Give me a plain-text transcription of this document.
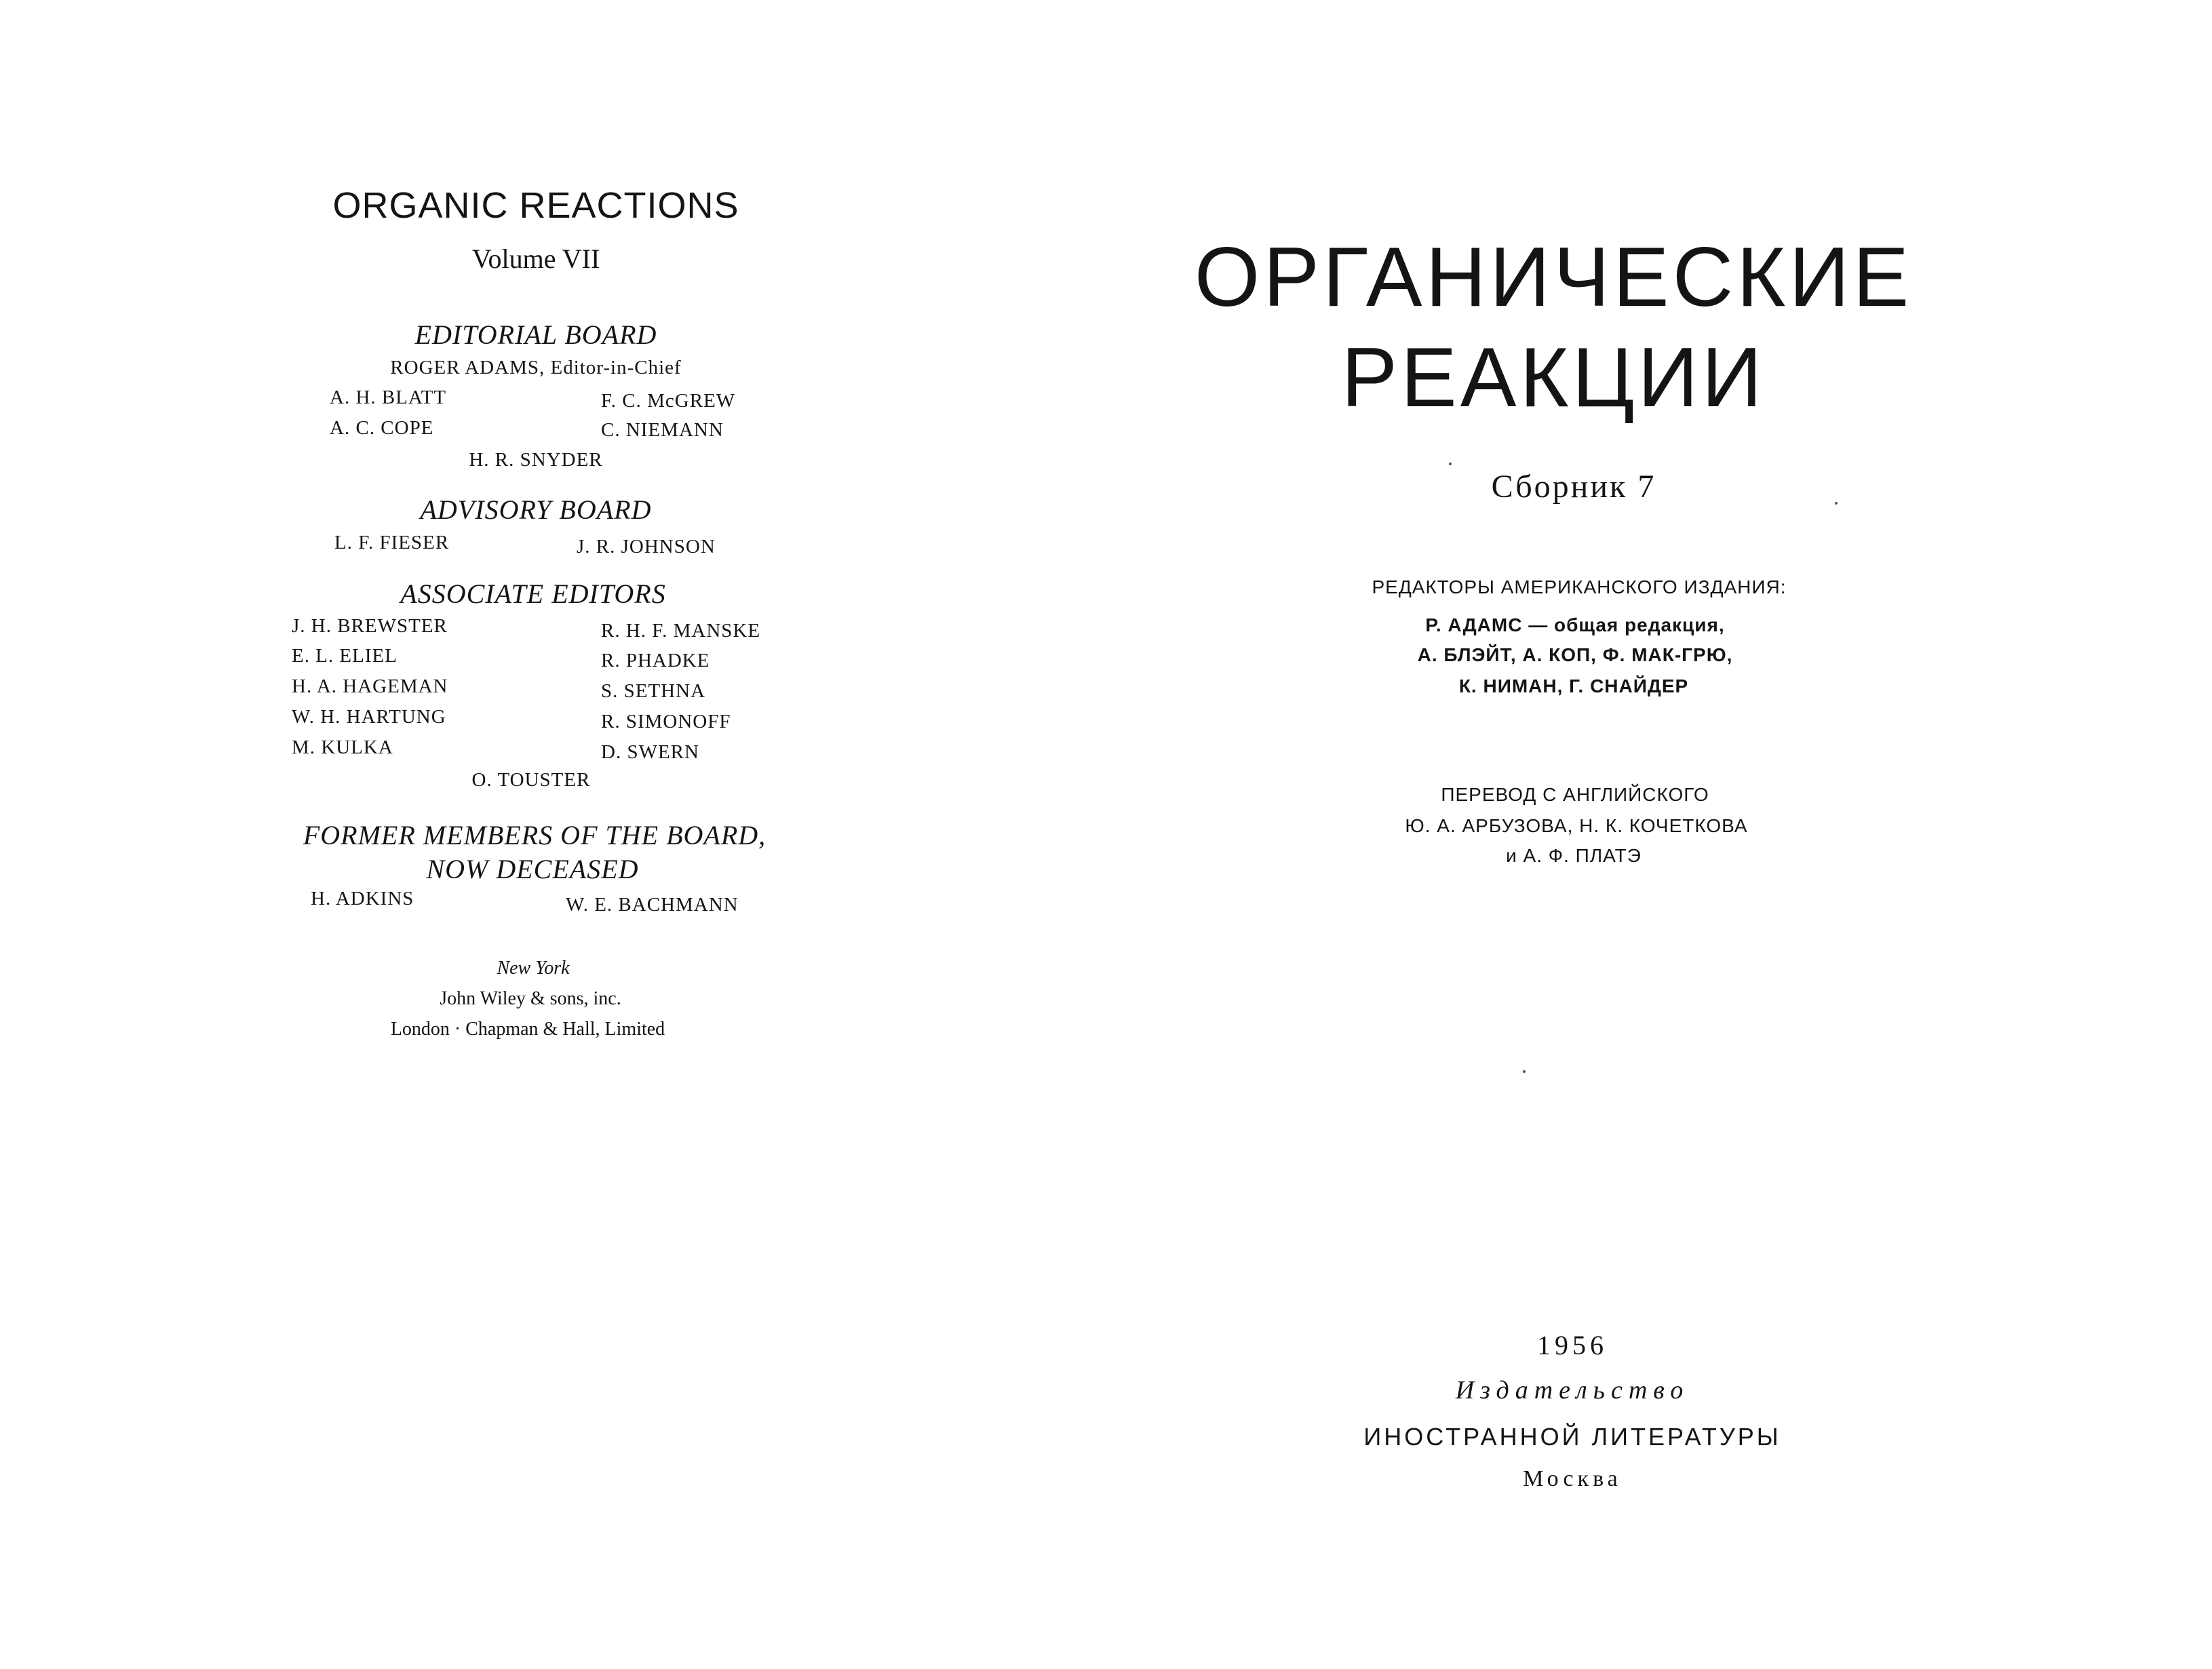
ORGANIC REACTIONS
Volume VII
EDITORIAL BOARD
ROGER ADAMS, Editor-in-Chief
A. H. BLATT
A. C. COPE
F. C. McGREW
C. NIEMANN
H. R. SNYDER
ADVISORY BOARD
L. F. FIESER	J. R. JOHNSON
ASSOCIATE EDITORS
J. H. BREWSTER
E. L. ELIEL
H. A. HAGEMAN
W. H. HARTUNG
M. KULKA
R. H. F. MANSKE
R. PHADKE
S. SETHNA
R. SIMONOFF
D. SWERN
O. TOUSTER
FORMER MEMBERS OF THE BOARD,
NOW DECEASED
H. ADKINS	W. E. BACHMANN
New York
John Wiley & sons, inc.
London · Chapman & Hall, Limited
ОРГАНИЧЕСКИЕ
РЕАКЦИИ
Сборник 7
РЕДАКТОРЫ АМЕРИКАНСКОГО ИЗДАНИЯ:
Р. АДАМС — общая редакция,
А. БЛЭЙТ, А. КОП, Ф. МАК-ГРЮ,
К. НИМАН, Г. СНАЙДЕР
ПЕРЕВОД С АНГЛИЙСКОГО
Ю. А. АРБУЗОВА, Н. К. КОЧЕТКОВА
и А. Ф. ПЛАТЭ
1956
Издательство
ИНОСТРАННОЙ ЛИТЕРАТУРЫ
Москва
